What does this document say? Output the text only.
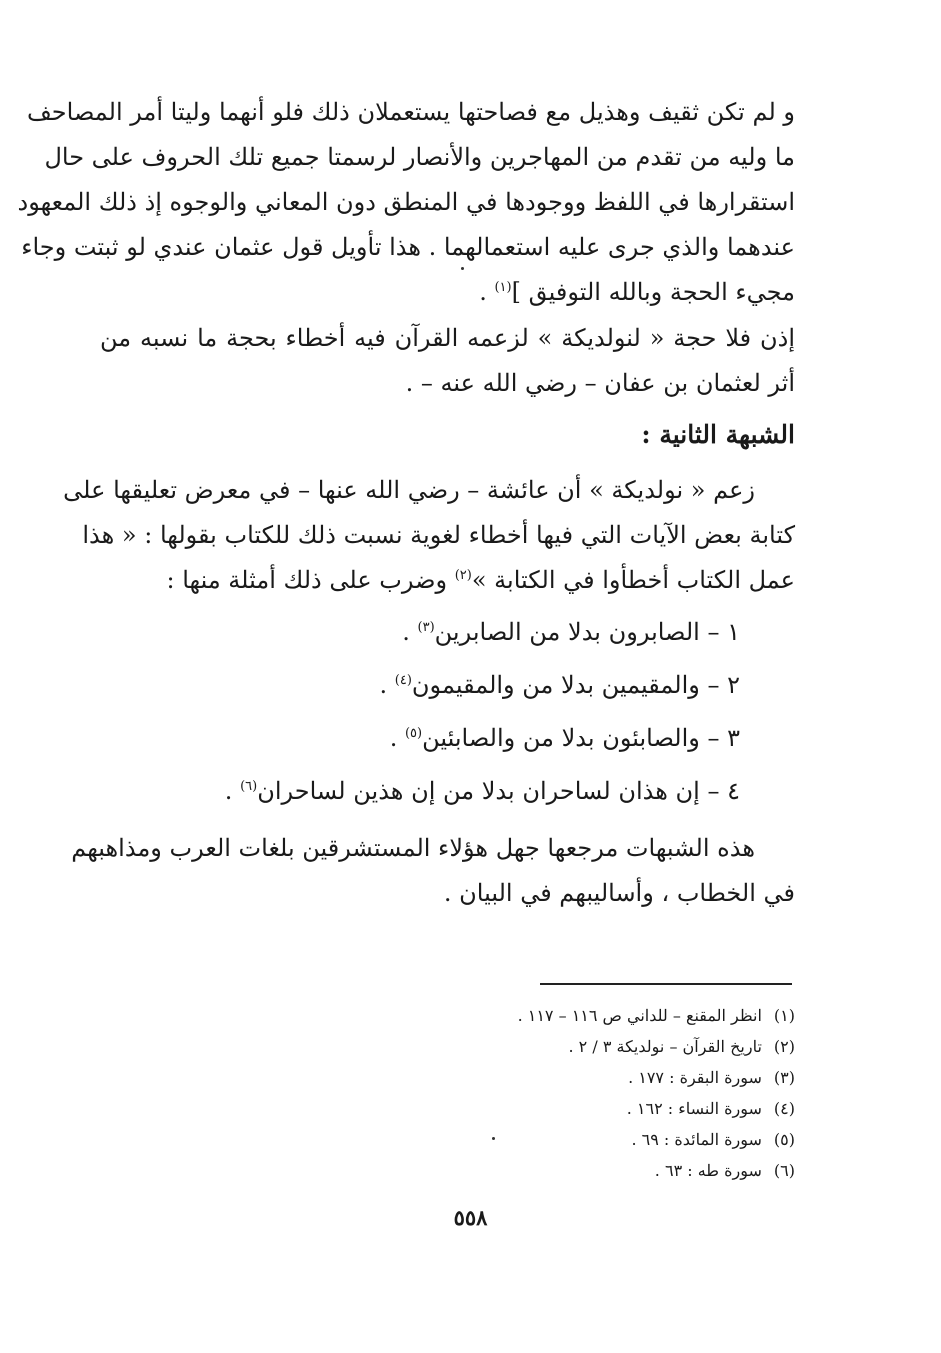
و لم تكن ثقيف وهذيل مع فصاحتها يستعملان ذلك فلو أنهما وليتا أمر المصاحف
ما وليه من تقدم من المهاجرين والأنصار لرسمتا جميع تلك الحروف على حال
استقرارها في اللفظ ووجودها في المنطق دون المعاني والوجوه إذ ذلك المعهود
عندهما والذي جرى عليه استعمالهما . هذا تأويل قول عثمان عندي لو ثبتت وجاء
مجيء الحجة وبالله التوفيق ]$^{(١)}$ .
إذن فلا حجة « لنولديكة » لزعمه القرآن فيه أخطاء بحجة ما نسبه من
أثر لعثمان بن عفان – رضي الله عنه – .
الشبهة الثانية :
زعم « نولديكة » أن عائشة – رضي الله عنها – في معرض تعليقها على
كتابة بعض الآيات التي فيها أخطاء لغوية نسبت ذلك للكتاب بقولها : « هذا
عمل الكتاب أخطأوا في الكتابة »$^{(٢)}$ وضرب على ذلك أمثلة منها :
١ – الصابرون بدلا من الصابرين$^{(٣)}$ .
٢ – والمقيمين بدلا من والمقيمون$^{(٤)}$ .
٣ – والصابئون بدلا من والصابئين$^{(٥)}$ .
٤ – إن هذان لساحران بدلا من إن هذين لساحران$^{(٦)}$ .
هذه الشبهات مرجعها جهل هؤلاء المستشرقين بلغات العرب ومذاهبهم
في الخطاب ، وأساليبهم في البيان .
(١) انظر المقنع – للداني ص ١١٦ – ١١٧ .
(٢) تاريخ القرآن – نولديكة ٣ / ٢ .
(٣) سورة البقرة : ١٧٧ .
(٤) سورة النساء : ١٦٢ .
(٥) سورة المائدة : ٦٩ .
(٦) سورة طه : ٦٣ .
٥٥٨
